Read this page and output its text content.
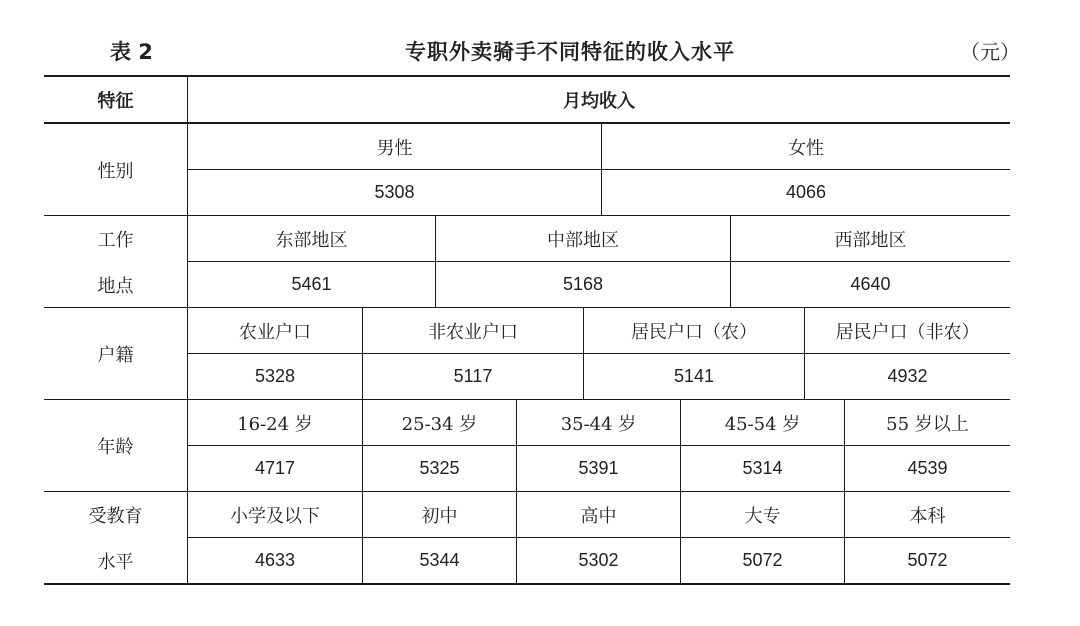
表 2	专职外卖骑手不同特征的收入水平	（元）
特征	月均收入
性别
男性	女性
5308	4066
工作
地点
东部地区	中部地区	西部地区
5461	5168	4640
户籍
农业户口	非农业户口	居民户口（农）	居民户口（非农）
5328	5117	5141	4932
年龄
16-24 岁	25-34 岁	35-44 岁	45-54 岁	55 岁以上
4717	5325	5391	5314	4539
受教育
水平
小学及以下	初中	高中	大专	本科
4633	5344	5302	5072	5072
